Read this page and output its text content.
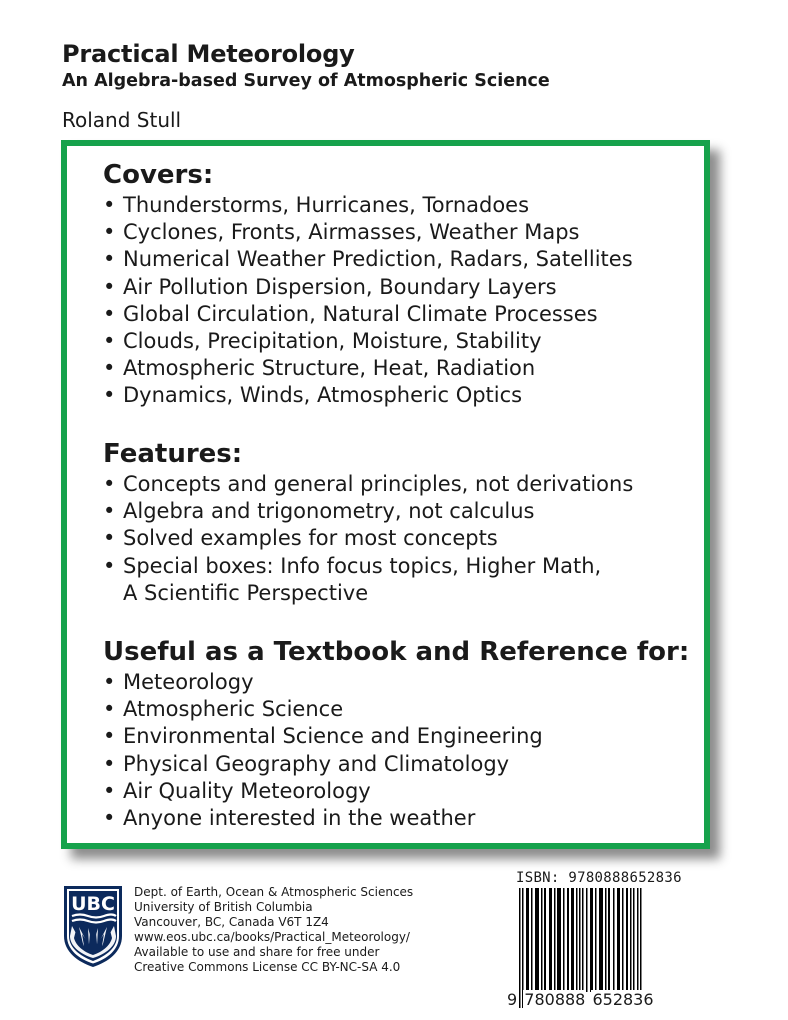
Practical Meteorology
An Algebra-based Survey of Atmospheric Science
Roland Stull
Covers:
• Thunderstorms, Hurricanes, Tornadoes
• Cyclones, Fronts, Airmasses, Weather Maps
• Numerical Weather Prediction, Radars, Satellites
• Air Pollution Dispersion, Boundary Layers
• Global Circulation, Natural Climate Processes
• Clouds, Precipitation, Moisture, Stability
• Atmospheric Structure, Heat, Radiation
• Dynamics, Winds, Atmospheric Optics
Features:
• Concepts and general principles, not derivations
• Algebra and trigonometry, not calculus
• Solved examples for most concepts
• Special boxes: Info focus topics, Higher Math,
A Scientific Perspective
Useful as a Textbook and Reference for:
• Meteorology
• Atmospheric Science
• Environmental Science and Engineering
• Physical Geography and Climatology
• Air Quality Meteorology
• Anyone interested in the weather
UBC
Dept. of Earth, Ocean & Atmospheric Sciences
University of British Columbia
Vancouver, BC, Canada V6T 1Z4
www.eos.ubc.ca/books/Practical_Meteorology/
Available to use and share for free under
Creative Commons License CC BY-NC-SA 4.0
ISBN: 9780888652836
9 780888 652836
